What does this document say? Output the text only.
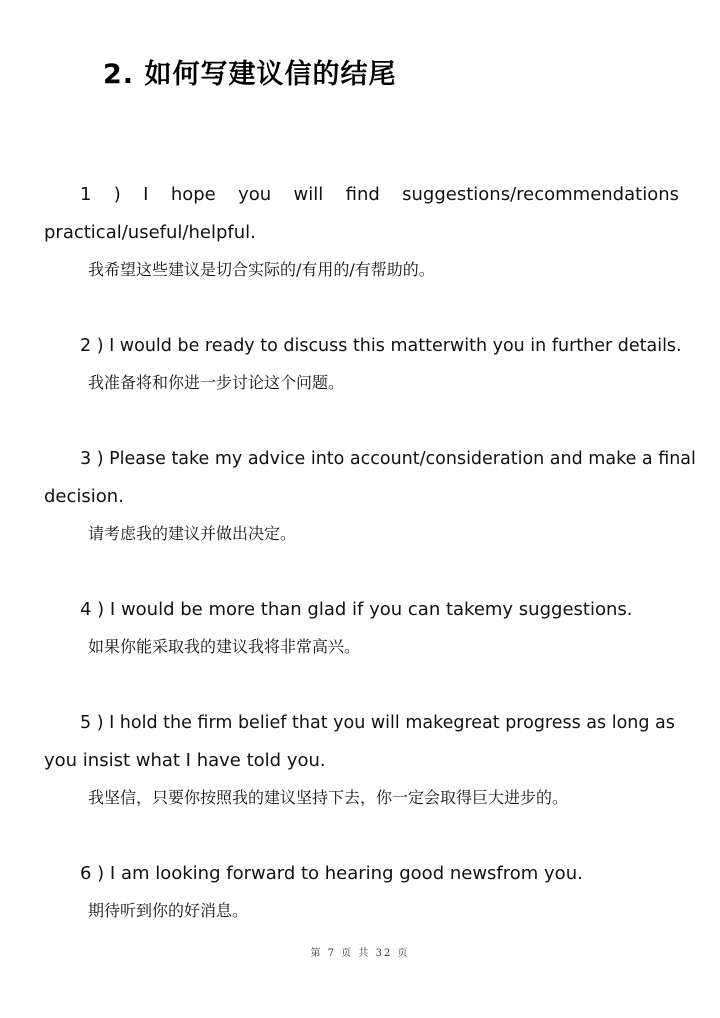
2. 如何写建议信的结尾
1 ) I hope you will find suggestions/recommendations
practical/useful/helpful.
我希望这些建议是切合实际的/有用的/有帮助的。
2 ) I would be ready to discuss this matterwith you in further details.
我准备将和你进一步讨论这个问题。
3 ) Please take my advice into account/consideration and make a final
decision.
请考虑我的建议并做出决定。
4 ) I would be more than glad if you can takemy suggestions.
如果你能采取我的建议我将非常高兴。
5 ) I hold the firm belief that you will makegreat progress as long as
you insist what I have told you.
我坚信，只要你按照我的建议坚持下去，你一定会取得巨大进步的。
6 ) I am looking forward to hearing good newsfrom you.
期待听到你的好消息。
第 7 页 共 32 页
